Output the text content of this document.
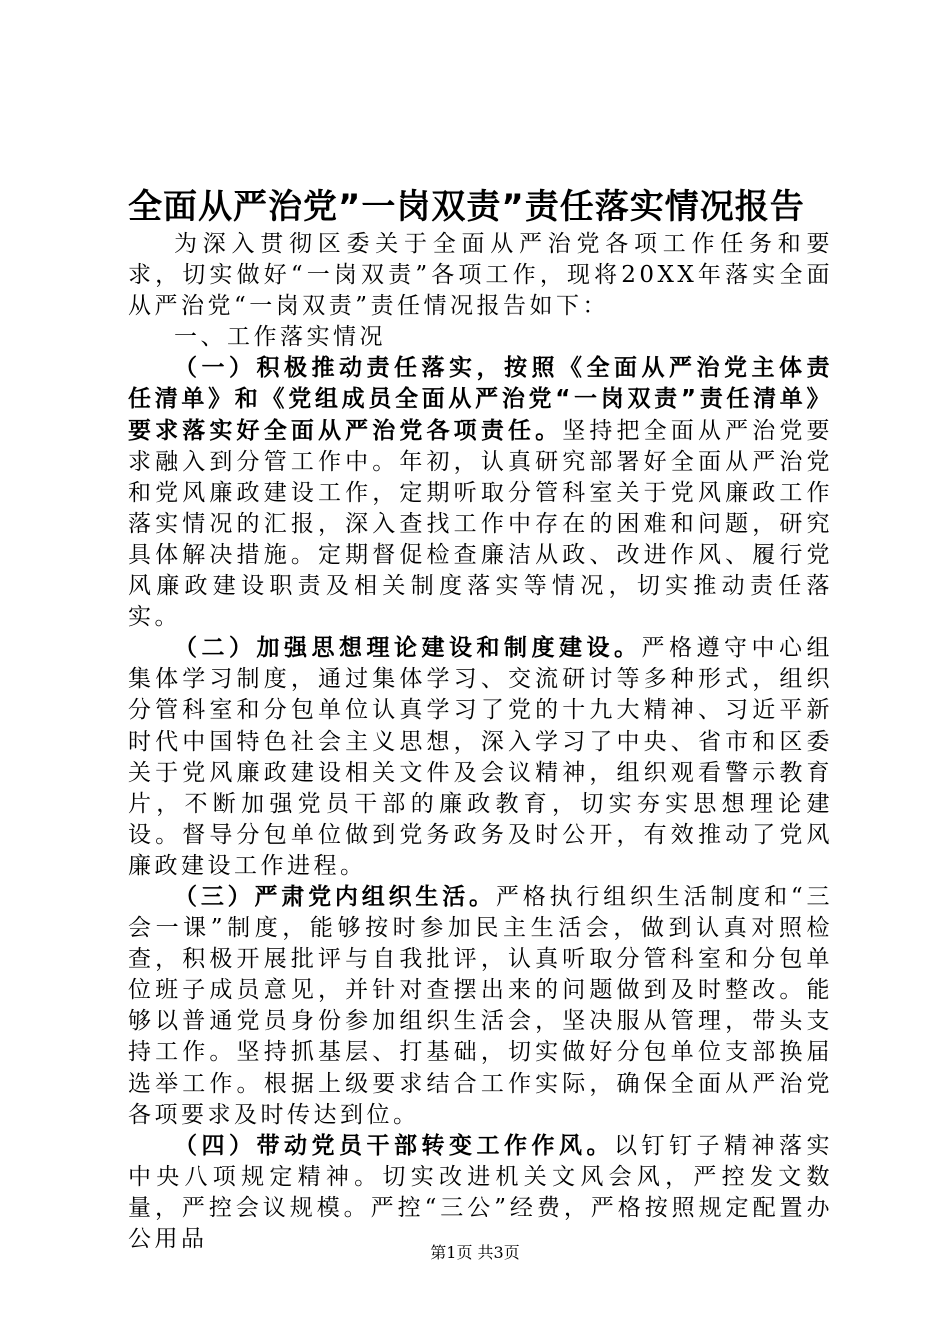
全面从严治党”一岗双责”责任落实情况报告

为深入贯彻区委关于全面从严治党各项工作任务和要求，切实做好“一岗双责”各项工作，现将20XX年落实全面从严治党“一岗双责”责任情况报告如下：

一、工作落实情况

（一）积极推动责任落实，按照《全面从严治党主体责任清单》和《党组成员全面从严治党“一岗双责”责任清单》要求落实好全面从严治党各项责任。坚持把全面从严治党要求融入到分管工作中。年初，认真研究部署好全面从严治党和党风廉政建设工作，定期听取分管科室关于党风廉政工作落实情况的汇报，深入查找工作中存在的困难和问题，研究具体解决措施。定期督促检查廉洁从政、改进作风、履行党风廉政建设职责及相关制度落实等情况，切实推动责任落实。

（二）加强思想理论建设和制度建设。严格遵守中心组集体学习制度，通过集体学习、交流研讨等多种形式，组织分管科室和分包单位认真学习了党的十九大精神、习近平新时代中国特色社会主义思想，深入学习了中央、省市和区委关于党风廉政建设相关文件及会议精神，组织观看警示教育片，不断加强党员干部的廉政教育，切实夯实思想理论建设。督导分包单位做到党务政务及时公开，有效推动了党风廉政建设工作进程。

（三）严肃党内组织生活。严格执行组织生活制度和“三会一课”制度，能够按时参加民主生活会，做到认真对照检查，积极开展批评与自我批评，认真听取分管科室和分包单位班子成员意见，并针对查摆出来的问题做到及时整改。能够以普通党员身份参加组织生活会，坚决服从管理，带头支持工作。坚持抓基层、打基础，切实做好分包单位支部换届选举工作。根据上级要求结合工作实际，确保全面从严治党各项要求及时传达到位。

（四）带动党员干部转变工作作风。以钉钉子精神落实中央八项规定精神。切实改进机关文风会风，严控发文数量，严控会议规模。严控“三公”经费，严格按照规定配置办公用品

第1页 共3页
